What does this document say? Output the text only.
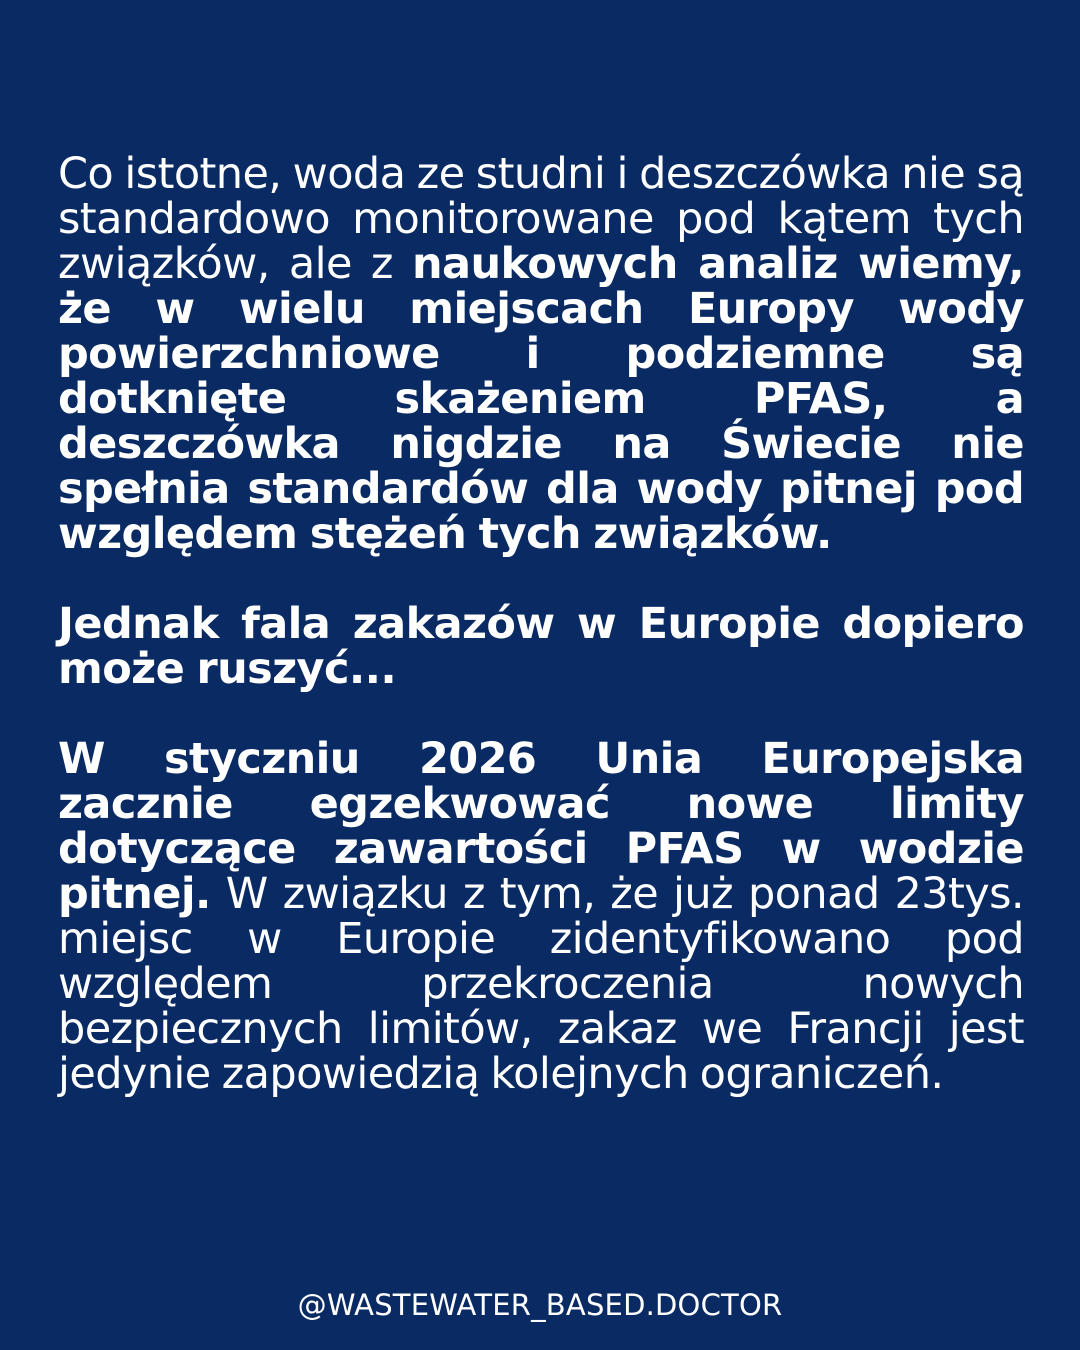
Co istotne, woda ze studni i deszczówka nie są standardowo monitorowane pod kątem tych związków, ale z naukowych analiz wiemy, że w wielu miejscach Europy wody powierzchniowe i podziemne są dotknięte skażeniem PFAS, a deszczówka nigdzie na Świecie nie spełnia standardów dla wody pitnej pod względem stężeń tych związków.

Jednak fala zakazów w Europie dopiero może ruszyć...

W styczniu 2026 Unia Europejska zacznie egzekwować nowe limity dotyczące zawartości PFAS w wodzie pitnej. W związku z tym, że już ponad 23tys. miejsc w Europie zidentyfikowano pod względem przekroczenia nowych bezpiecznych limitów, zakaz we Francji jest jedynie zapowiedzią kolejnych ograniczeń.

@WASTEWATER_BASED.DOCTOR
